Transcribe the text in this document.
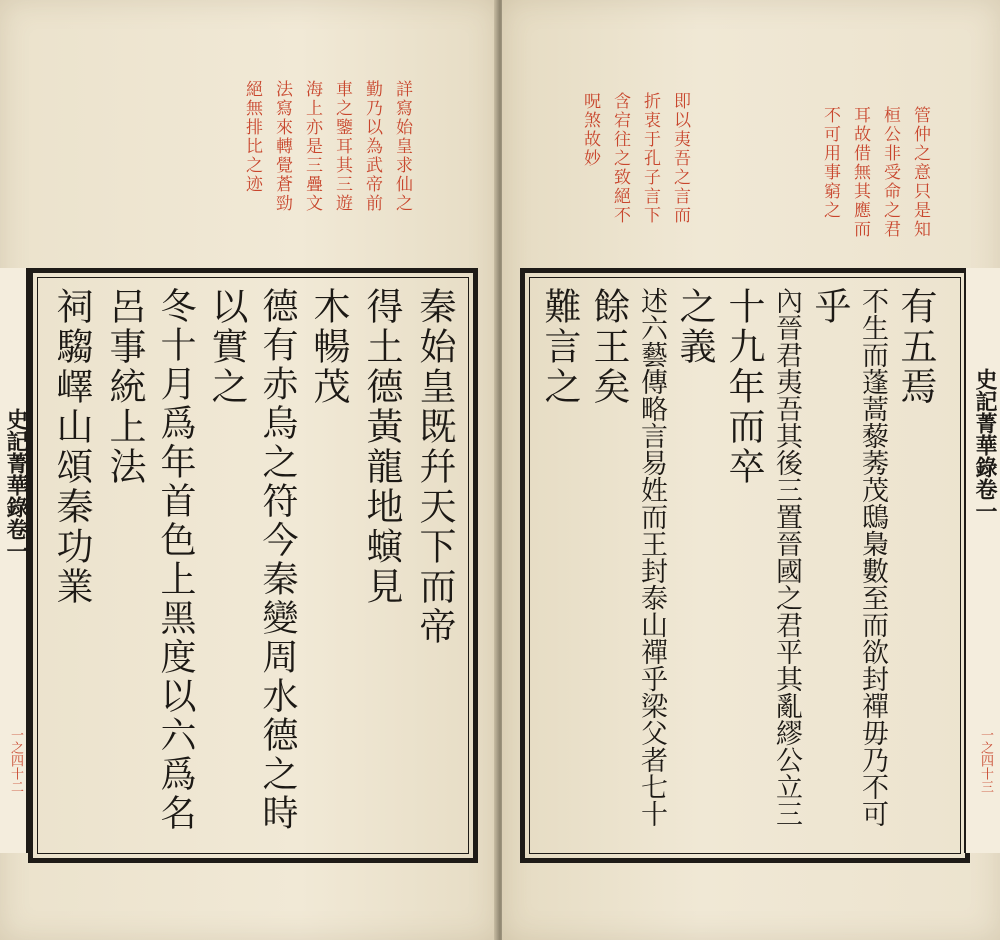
詳寫始皇求仙之
勤乃以為武帝前
車之鑒耳其三遊
海上亦是三疊文
法寫來轉覺蒼勁
絕無排比之迹
秦始皇既幷天下而帝
得土德黃龍地螾見
木暢茂
德有赤烏之符今秦變周水德之時
以實之
冬十月爲年首色上黑度以六爲名
呂事統上法
祠騶嶧山頌秦功業
史記菁華錄卷一
一之四十二
管仲之意只是知
桓公非受命之君
耳故借無其應而
不可用事窮之
即以夷吾之言而
折衷于孔子言下
含宕往之致絕不
呪煞故妙
有五焉
不生而蓬蒿藜莠茂鴟梟數至而欲封禪毋乃不可
乎
內晉君夷吾其後三置晉國之君平其亂繆公立三
十九年而卒
之義
述六藝傳略言易姓而王封泰山禪乎梁父者七十
餘王矣
難言之
史記菁華錄卷一
一之四十三
